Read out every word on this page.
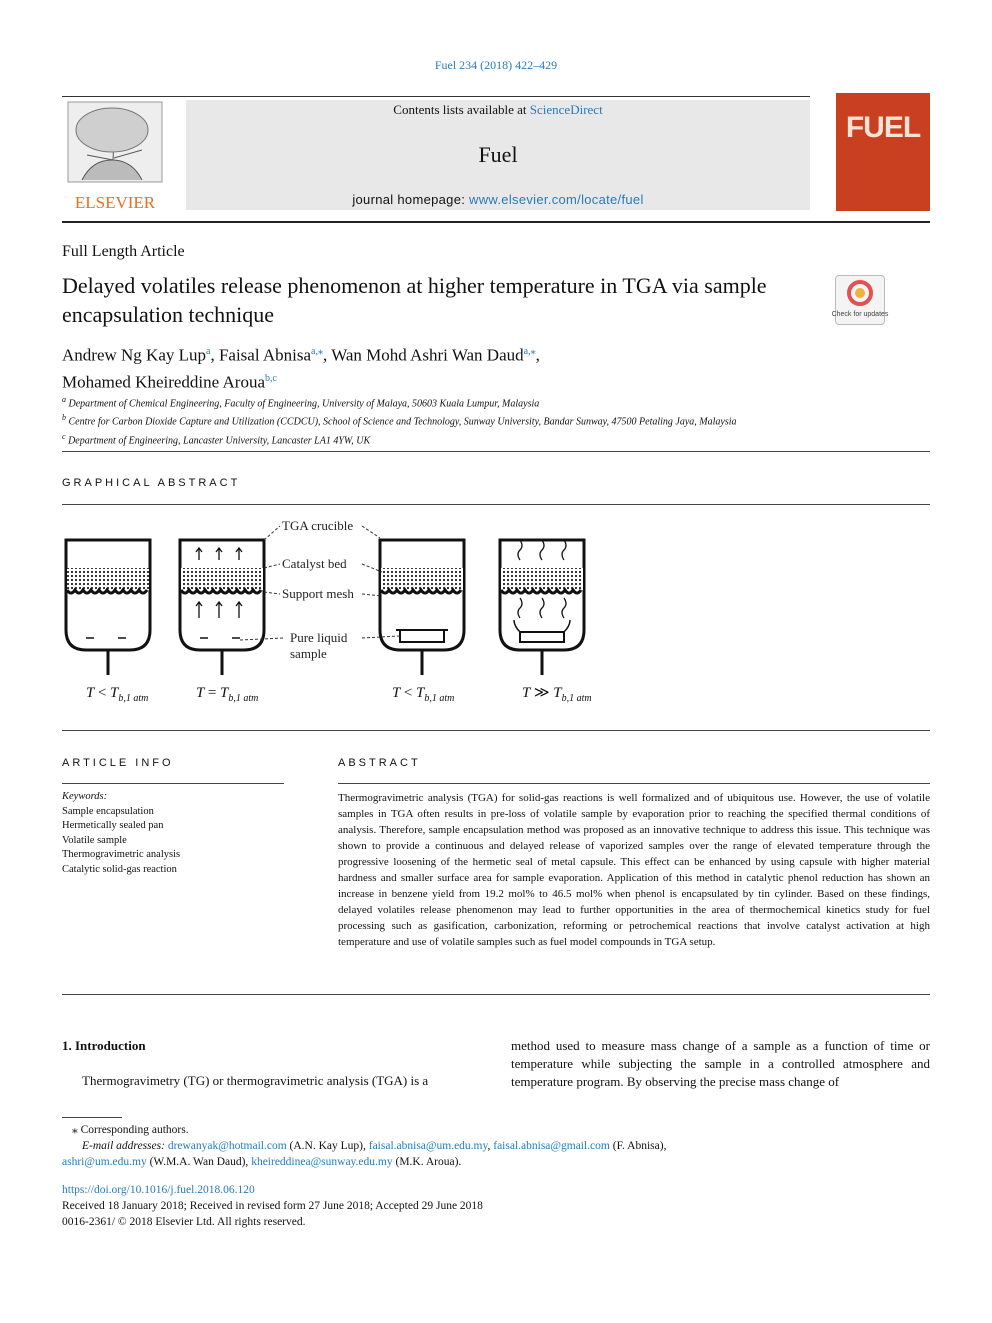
Fuel 234 (2018) 422–429
Contents lists available at ScienceDirect
Fuel
journal homepage: www.elsevier.com/locate/fuel
ELSEVIER
FUEL
Full Length Article
Delayed volatiles release phenomenon at higher temperature in TGA via sample encapsulation technique	Check for updates
Andrew Ng Kay Lup$^a$, Faisal Abnisa$^{a,⁎}$, Wan Mohd Ashri Wan Daud$^{a,⁎}$,
Mohamed Kheireddine Aroua$^{b,c}$
$^a$ Department of Chemical Engineering, Faculty of Engineering, University of Malaya, 50603 Kuala Lumpur, Malaysia
$^b$ Centre for Carbon Dioxide Capture and Utilization (CCDCU), School of Science and Technology, Sunway University, Bandar Sunway, 47500 Petaling Jaya, Malaysia
$^c$ Department of Engineering, Lancaster University, Lancaster LA1 4YW, UK
GRAPHICAL ABSTRACT
TGA crucible
Catalyst bed
Support mesh
Pure liquid
sample
$T < T_{b,1 atm}$	$T = T_{b,1 atm}$	$T < T_{b,1 atm}$	T ≫ $T_{b,1 atm}$
ARTICLE INFO
Keywords:
Sample encapsulation
Hermetically sealed pan
Volatile sample
Thermogravimetric analysis
Catalytic solid-gas reaction
ABSTRACT
Thermogravimetric analysis (TGA) for solid-gas reactions is well formalized and of ubiquitous use. However, the use of volatile samples in TGA often results in pre-loss of volatile sample by evaporation prior to reaching the specified thermal conditions of analysis. Therefore, sample encapsulation method was proposed as an innovative technique to address this issue. This technique was shown to provide a continuous and delayed release of vaporized samples over the range of elevated temperature through the progressive loosening of the hermetic seal of metal capsule. This effect can be enhanced by using capsule with higher material hardness and smaller surface area for sample evaporation. Application of this method in catalytic phenol reduction has shown an increase in benzene yield from 19.2 mol% to 46.5 mol% when phenol is encapsulated by tin cylinder. Based on these findings, delayed volatiles release phenomenon may lead to further opportunities in the area of thermochemical kinetics study for fuel processing such as gasification, carbonization, reforming or petrochemical reactions that involve catalyst activation at high temperature and use of volatile samples such as fuel model compounds in TGA setup.
1. Introduction
Thermogravimetry (TG) or thermogravimetric analysis (TGA) is a
method used to measure mass change of a sample as a function of time or temperature while subjecting the sample in a controlled atmosphere and temperature program. By observing the precise mass change of
⁎ Corresponding authors.
E-mail addresses: drewanyak@hotmail.com (A.N. Kay Lup), faisal.abnisa@um.edu.my, faisal.abnisa@gmail.com (F. Abnisa),
ashri@um.edu.my (W.M.A. Wan Daud), kheireddinea@sunway.edu.my (M.K. Aroua).
https://doi.org/10.1016/j.fuel.2018.06.120
Received 18 January 2018; Received in revised form 27 June 2018; Accepted 29 June 2018
0016-2361/ © 2018 Elsevier Ltd. All rights reserved.
